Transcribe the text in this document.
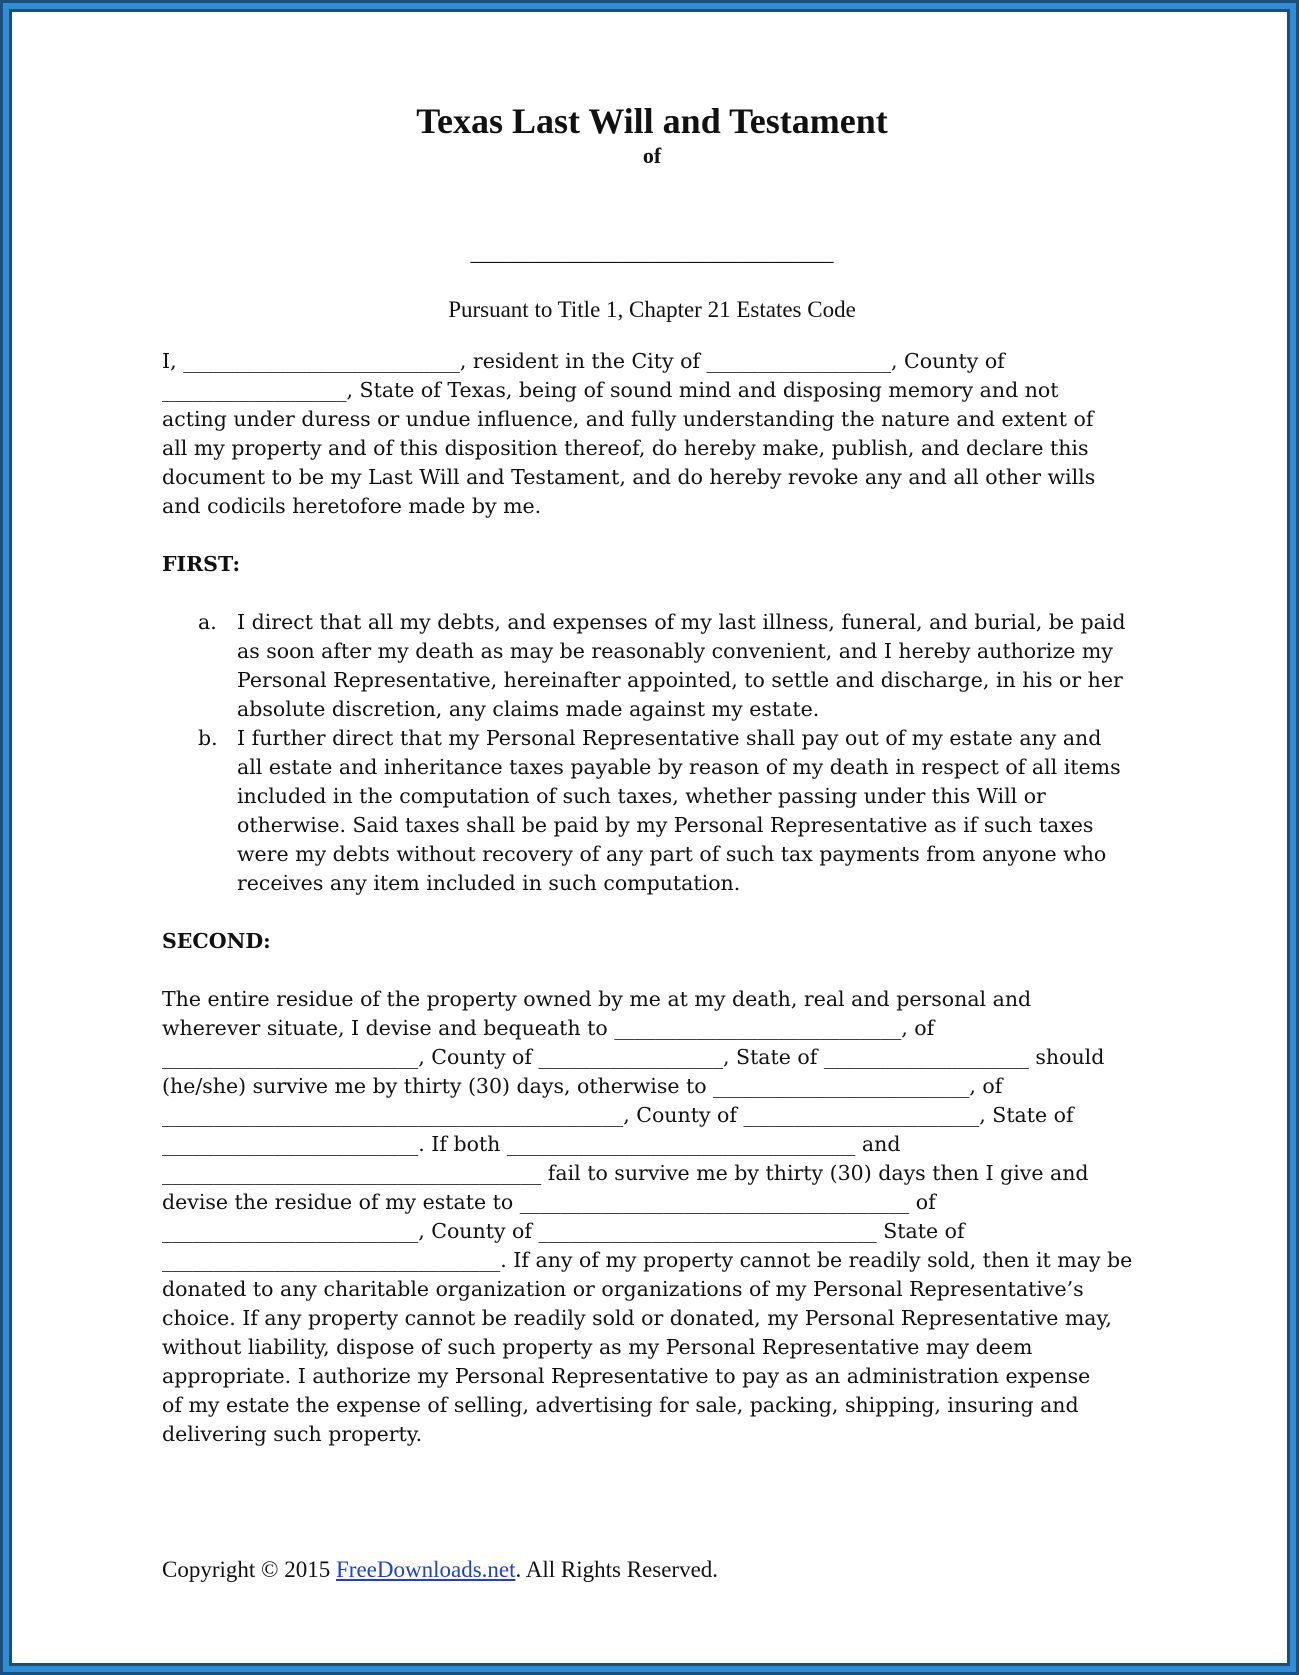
Texas Last Will and Testament
of
_________________________________
Pursuant to Title 1, Chapter 21 Estates Code
I, ___________________________, resident in the City of __________________, County of
__________________, State of Texas, being of sound mind and disposing memory and not
acting under duress or undue influence, and fully understanding the nature and extent of
all my property and of this disposition thereof, do hereby make, publish, and declare this
document to be my Last Will and Testament, and do hereby revoke any and all other wills
and codicils heretofore made by me.
FIRST:
a. I direct that all my debts, and expenses of my last illness, funeral, and burial, be paid
as soon after my death as may be reasonably convenient, and I hereby authorize my
Personal Representative, hereinafter appointed, to settle and discharge, in his or her
absolute discretion, any claims made against my estate.
b. I further direct that my Personal Representative shall pay out of my estate any and
all estate and inheritance taxes payable by reason of my death in respect of all items
included in the computation of such taxes, whether passing under this Will or
otherwise. Said taxes shall be paid by my Personal Representative as if such taxes
were my debts without recovery of any part of such tax payments from anyone who
receives any item included in such computation.
SECOND:
The entire residue of the property owned by me at my death, real and personal and
wherever situate, I devise and bequeath to ____________________________, of
_________________________, County of __________________, State of ____________________ should
(he/she) survive me by thirty (30) days, otherwise to _________________________, of
_____________________________________________, County of _______________________, State of
_________________________. If both __________________________________ and
_____________________________________ fail to survive me by thirty (30) days then I give and
devise the residue of my estate to ______________________________________ of
_________________________, County of _________________________________ State of
_________________________________. If any of my property cannot be readily sold, then it may be
donated to any charitable organization or organizations of my Personal Representative’s
choice. If any property cannot be readily sold or donated, my Personal Representative may,
without liability, dispose of such property as my Personal Representative may deem
appropriate. I authorize my Personal Representative to pay as an administration expense
of my estate the expense of selling, advertising for sale, packing, shipping, insuring and
delivering such property.
Copyright © 2015 FreeDownloads.net. All Rights Reserved.
